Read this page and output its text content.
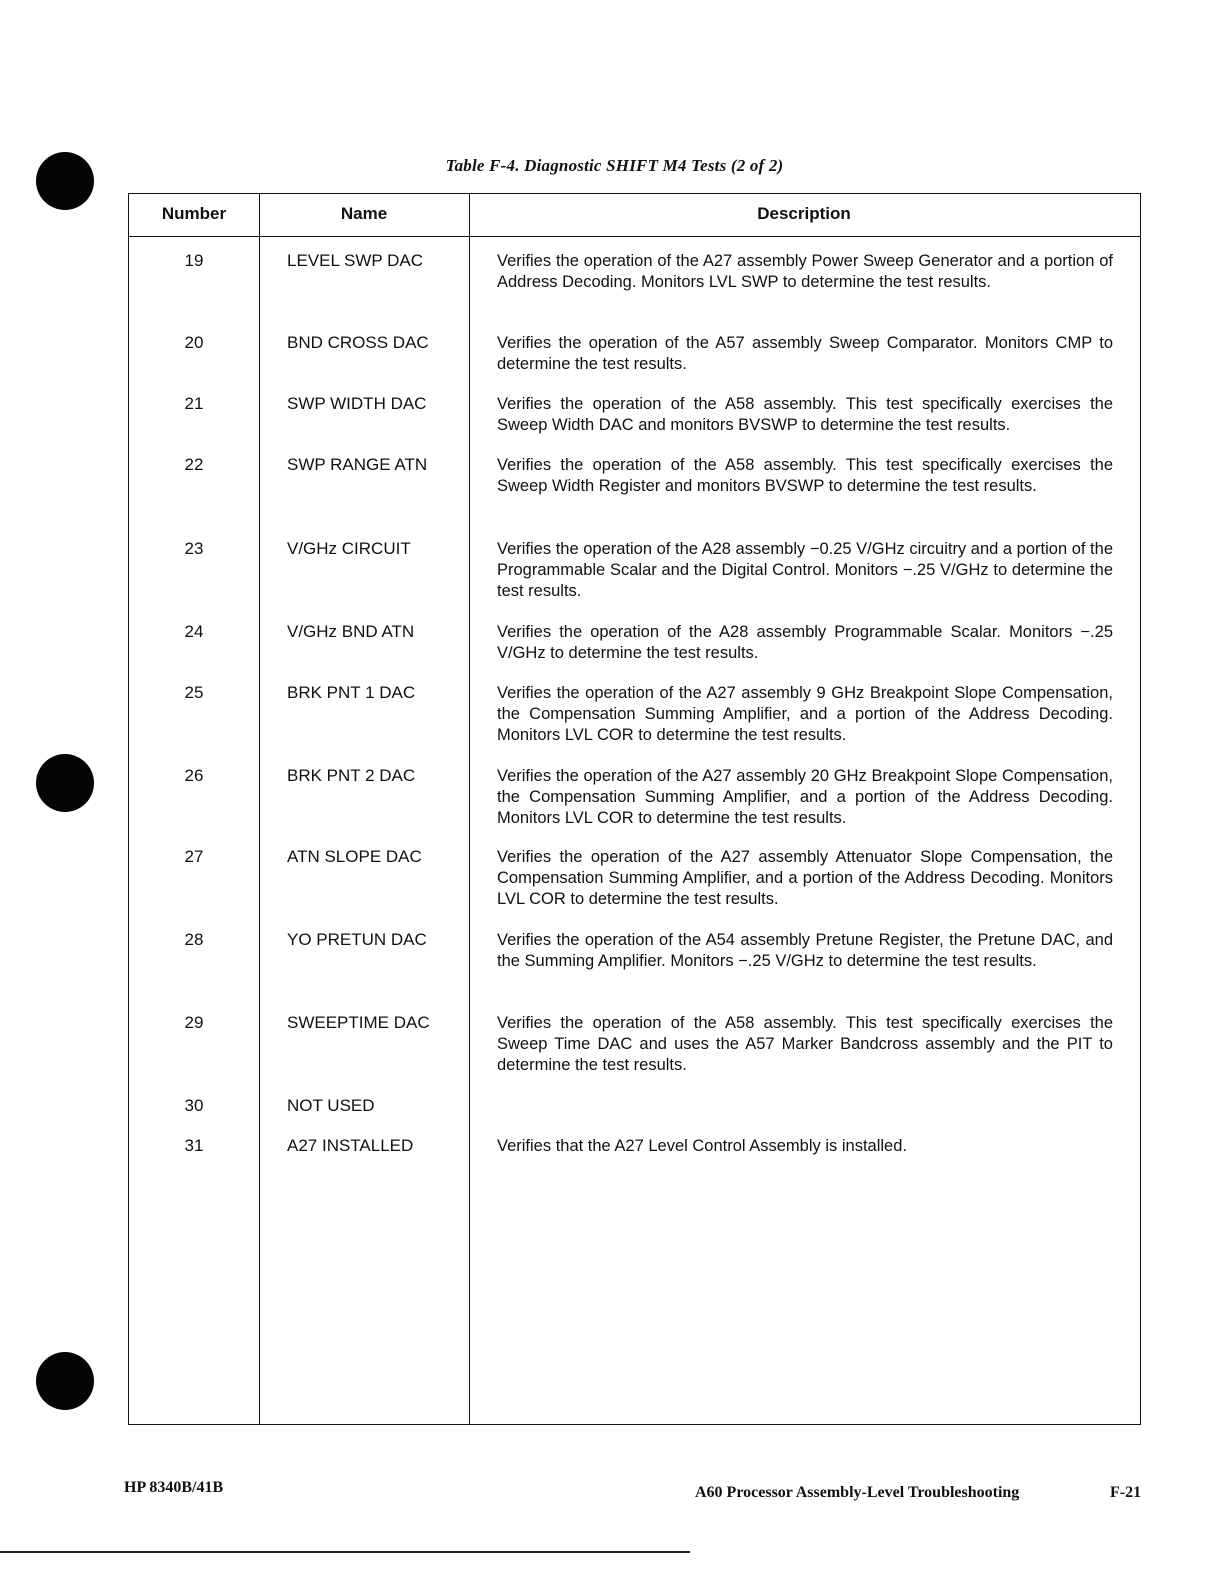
Table F-4. Diagnostic SHIFT M4 Tests (2 of 2)
Number	Name	Description
19	LEVEL SWP DAC	Verifies the operation of the A27 assembly Power Sweep Generator and a portion of Address Decoding. Monitors LVL SWP to determine the test results.
20	BND CROSS DAC	Verifies the operation of the A57 assembly Sweep Comparator. Monitors CMP to determine the test results.
21	SWP WIDTH DAC	Verifies the operation of the A58 assembly. This test specifically exercises the Sweep Width DAC and monitors BVSWP to determine the test results.
22	SWP RANGE ATN	Verifies the operation of the A58 assembly. This test specifically exercises the Sweep Width Register and monitors BVSWP to determine the test results.
23	V/GHz CIRCUIT	Verifies the operation of the A28 assembly −0.25 V/GHz circuitry and a portion of the Programmable Scalar and the Digital Control. Monitors −.25 V/GHz to determine the test results.
24	V/GHz BND ATN	Verifies the operation of the A28 assembly Programmable Scalar. Monitors −.25 V/GHz to determine the test results.
25	BRK PNT 1 DAC	Verifies the operation of the A27 assembly 9 GHz Breakpoint Slope Compensation, the Compensation Summing Amplifier, and a portion of the Address Decoding. Monitors LVL COR to determine the test results.
26	BRK PNT 2 DAC	Verifies the operation of the A27 assembly 20 GHz Breakpoint Slope Compensation, the Compensation Summing Amplifier, and a portion of the Address Decoding. Monitors LVL COR to determine the test results.
27	ATN SLOPE DAC	Verifies the operation of the A27 assembly Attenuator Slope Compensation, the Compensation Summing Amplifier, and a portion of the Address Decoding. Monitors LVL COR to determine the test results.
28	YO PRETUN DAC	Verifies the operation of the A54 assembly Pretune Register, the Pretune DAC, and the Summing Amplifier. Monitors −.25 V/GHz to determine the test results.
29	SWEEPTIME DAC	Verifies the operation of the A58 assembly. This test specifically exercises the Sweep Time DAC and uses the A57 Marker Bandcross assembly and the PIT to determine the test results.
30	NOT USED
31	A27 INSTALLED	Verifies that the A27 Level Control Assembly is installed.
HP 8340B/41B	A60 Processor Assembly-Level Troubleshooting	F-21
